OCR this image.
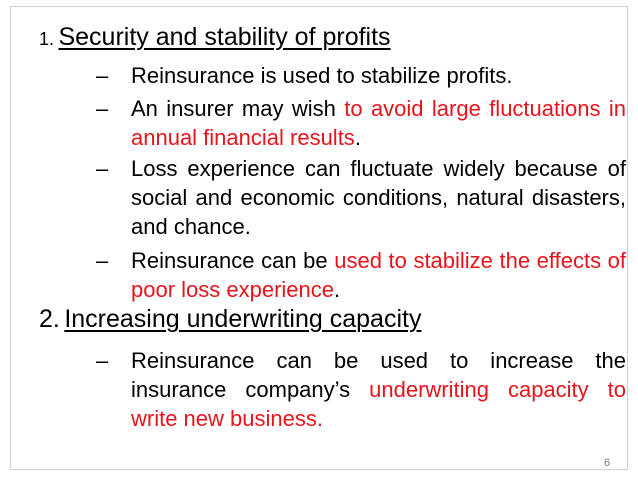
1. Security and stability of profits
– Reinsurance is used to stabilize profits.
– An insurer may wish to avoid large fluctuations in annual financial results.
– Loss experience can fluctuate widely because of social and economic conditions, natural disasters, and chance.
– Reinsurance can be used to stabilize the effects of poor loss experience.
2. Increasing underwriting capacity
– Reinsurance can be used to increase the insurance company’s underwriting capacity to write new business.
6
